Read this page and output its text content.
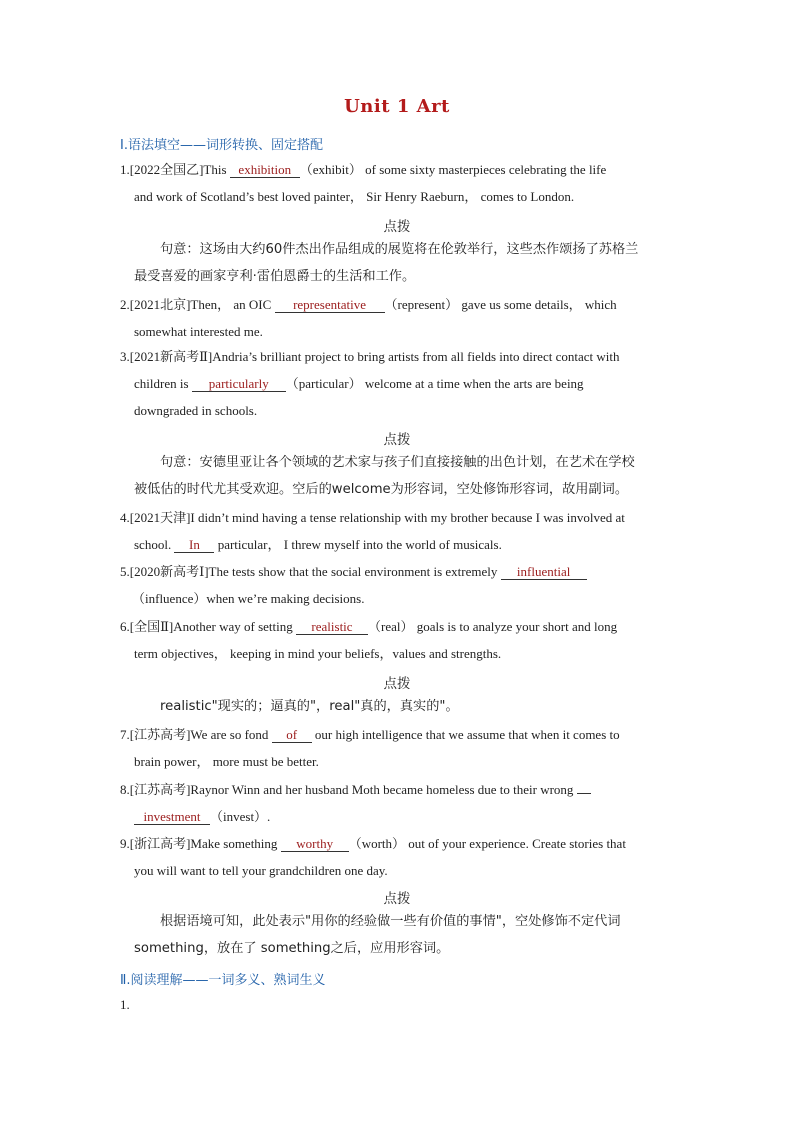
Unit 1 Art
Ⅰ.语法填空——词形转换、固定搭配
1.[2022全国乙]This exhibition （exhibit） of some sixty masterpieces celebrating the life
and work of Scotland’s best loved painter， Sir Henry Raeburn， comes to London.
点拨
句意：这场由大约60件杰出作品组成的展览将在伦敦举行，这些杰作颂扬了苏格兰
最受喜爱的画家亨利·雷伯恩爵士的生活和工作。
2.[2021北京]Then， an OIC representative （represent） gave us some details， which
somewhat interested me.
3.[2021新高考Ⅱ]Andria’s brilliant project to bring artists from all fields into direct contact with
children is particularly （particular） welcome at a time when the arts are being
downgraded in schools.
点拨
句意：安德里亚让各个领域的艺术家与孩子们直接接触的出色计划，在艺术在学校
被低估的时代尤其受欢迎。空后的welcome为形容词，空处修饰形容词，故用副词。
4.[2021天津]I didn’t mind having a tense relationship with my brother because I was involved at
school. In particular， I threw myself into the world of musicals.
5.[2020新高考Ⅰ]The tests show that the social environment is extremely influential
（influence）when we’re making decisions.
6.[全国Ⅱ]Another way of setting realistic （real） goals is to analyze your short and long
term objectives， keeping in mind your beliefs，values and strengths.
点拨
realistic"现实的；逼真的"，real"真的，真实的"。
7.[江苏高考]We are so fond of our high intelligence that we assume that when it comes to
brain power， more must be better.
8.[江苏高考]Raynor Winn and her husband Moth became homeless due to their wrong
investment （invest）.
9.[浙江高考]Make something worthy （worth） out of your experience. Create stories that
you will want to tell your grandchildren one day.
点拨
根据语境可知，此处表示"用你的经验做一些有价值的事情"，空处修饰不定代词
something，放在了 something之后，应用形容词。
Ⅱ.阅读理解——一词多义、熟词生义
1.
